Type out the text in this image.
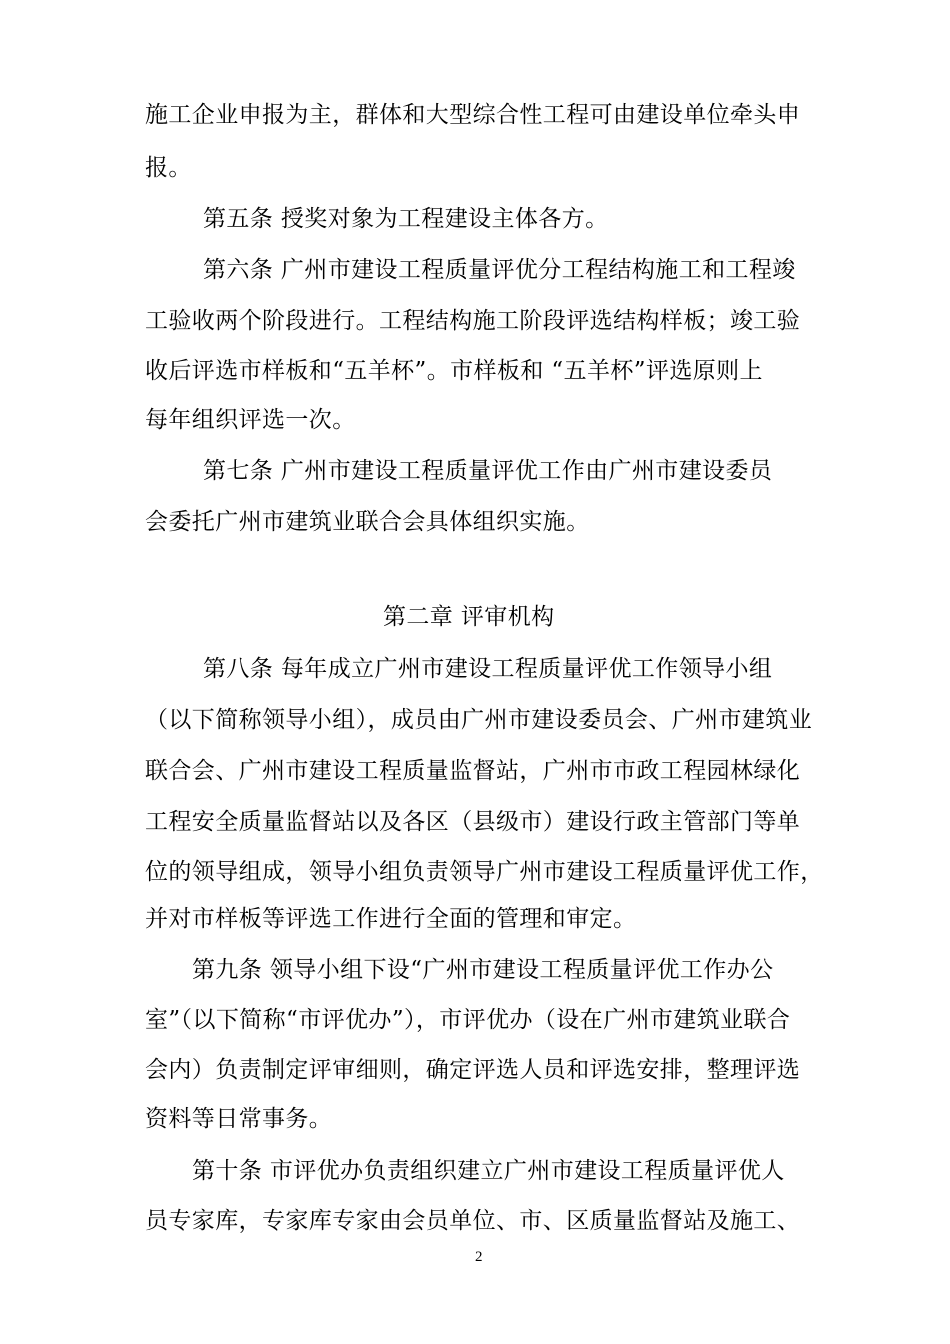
施工企业申报为主，群体和大型综合性工程可由建设单位牵头申
报。
第五条 授奖对象为工程建设主体各方。
第六条 广州市建设工程质量评优分工程结构施工和工程竣
工验收两个阶段进行。工程结构施工阶段评选结构样板；竣工验
收后评选市样板和“五羊杯”。市样板和 “五羊杯”评选原则上
每年组织评选一次。
第七条 广州市建设工程质量评优工作由广州市建设委员
会委托广州市建筑业联合会具体组织实施。
第二章 评审机构
第八条 每年成立广州市建设工程质量评优工作领导小组
（以下简称领导小组），成员由广州市建设委员会、广州市建筑业
联合会、广州市建设工程质量监督站，广州市市政工程园林绿化
工程安全质量监督站以及各区（县级市）建设行政主管部门等单
位的领导组成，领导小组负责领导广州市建设工程质量评优工作，
并对市样板等评选工作进行全面的管理和审定。
第九条 领导小组下设“广州市建设工程质量评优工作办公
室”（以下简称“市评优办”），市评优办（设在广州市建筑业联合
会内）负责制定评审细则，确定评选人员和评选安排，整理评选
资料等日常事务。
第十条 市评优办负责组织建立广州市建设工程质量评优人
员专家库，专家库专家由会员单位、市、区质量监督站及施工、
2
